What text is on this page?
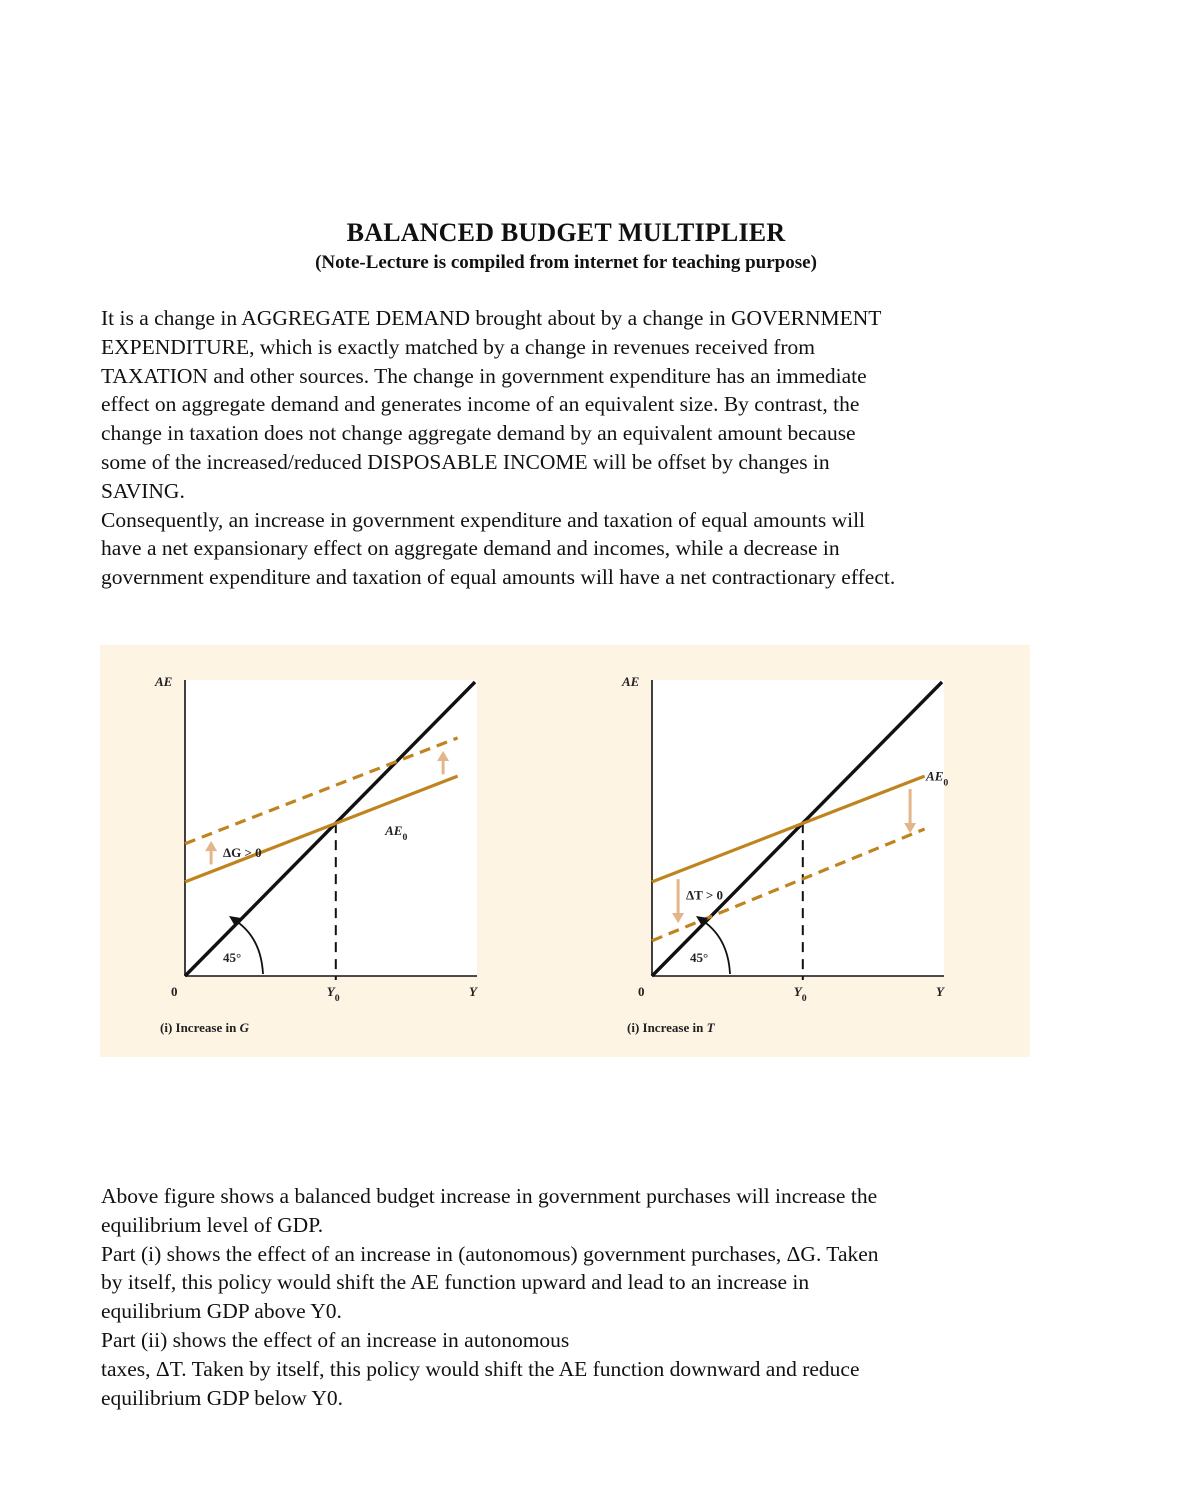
BALANCED BUDGET MULTIPLIER
(Note-Lecture is compiled from internet for teaching purpose)
It is a change in AGGREGATE DEMAND brought about by a change in GOVERNMENT
EXPENDITURE, which is exactly matched by a change in revenues received from
TAXATION and other sources. The change in government expenditure has an immediate
effect on aggregate demand and generates income of an equivalent size. By contrast, the
change in taxation does not change aggregate demand by an equivalent amount because
some of the increased/reduced DISPOSABLE INCOME will be offset by changes in
SAVING.
Consequently, an increase in government expenditure and taxation of equal amounts will
have a net expansionary effect on aggregate demand and incomes, while a decrease in
government expenditure and taxation of equal amounts will have a net contractionary effect.
45°
AE
0	Y
$Y_0$
$AE_0$
ΔG > 0
(i) Increase in G
45°
AE
0	Y
$Y_0$
$AE_0$
ΔT > 0
(i) Increase in T
Above figure shows a balanced budget increase in government purchases will increase the
equilibrium level of GDP.
Part (i) shows the effect of an increase in (autonomous) government purchases, ΔG. Taken
by itself, this policy would shift the AE function upward and lead to an increase in
equilibrium GDP above Y0.
Part (ii) shows the effect of an increase in autonomous
taxes, ΔT. Taken by itself, this policy would shift the AE function downward and reduce
equilibrium GDP below Y0.
